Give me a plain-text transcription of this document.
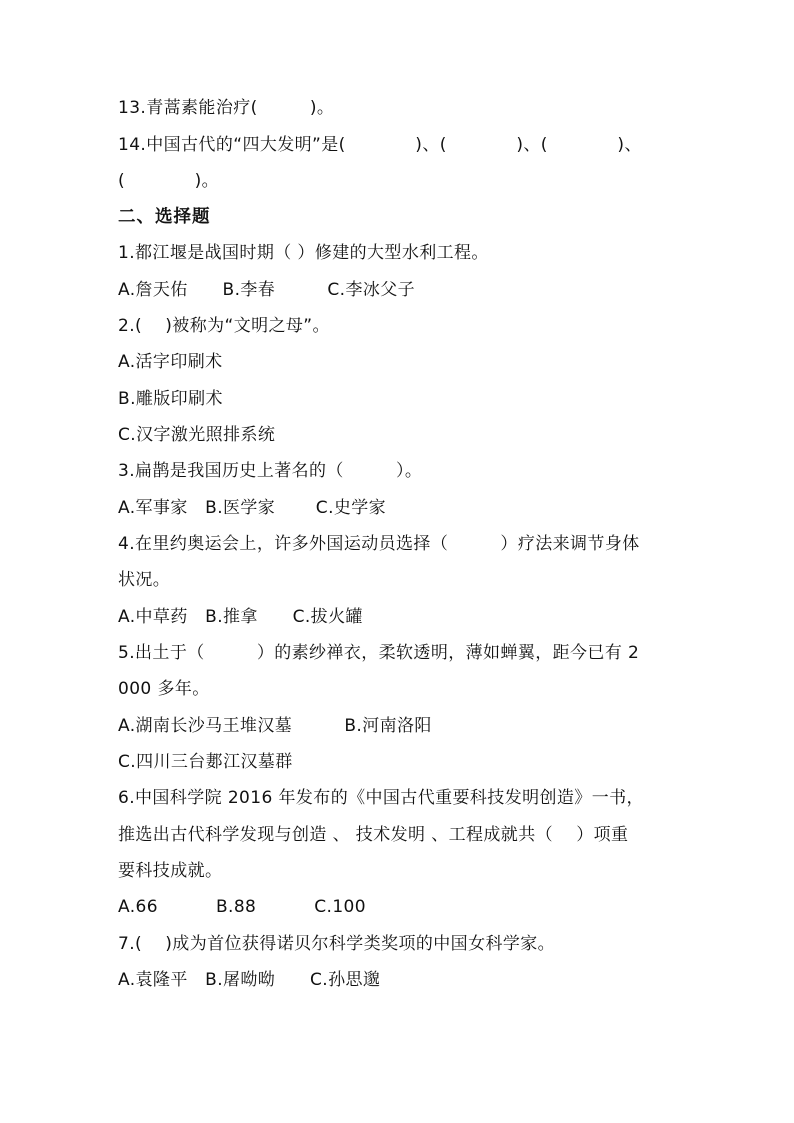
13.青蒿素能治疗(　　　)。
14.中国古代的“四大发明”是(　　　　)、(　　　　)、(　　　　)、
(　　　　)。
二、选择题
1.都江堰是战国时期（ ）修建的大型水利工程。
A.詹天佑　　B.李春　　　C.李冰父子
2.(　 )被称为“文明之母”。
A.活字印刷术
B.雕版印刷术
C.汉字激光照排系统
3.扁鹊是我国历史上著名的（　　　）。
A.军事家　B.医学家　　 C.史学家
4.在里约奥运会上，许多外国运动员选择（　　　）疗法来调节身体
状况。
A.中草药　B.推拿　　C.拔火罐
5.出土于（　　　）的素纱禅衣，柔软透明，薄如蝉翼，距今已有 2
000 多年。
A.湖南长沙马王堆汉墓　　　B.河南洛阳
C.四川三台郪江汉墓群
6.中国科学院 2016 年发布的《中国古代重要科技发明创造》一书，
推选出古代科学发现与创造 、 技术发明 、工程成就共（　 ）项重
要科技成就。
A.66　　　 B.88　　　 C.100
7.(　 )成为首位获得诺贝尔科学类奖项的中国女科学家。
A.袁隆平　B.屠呦呦　　C.孙思邈
